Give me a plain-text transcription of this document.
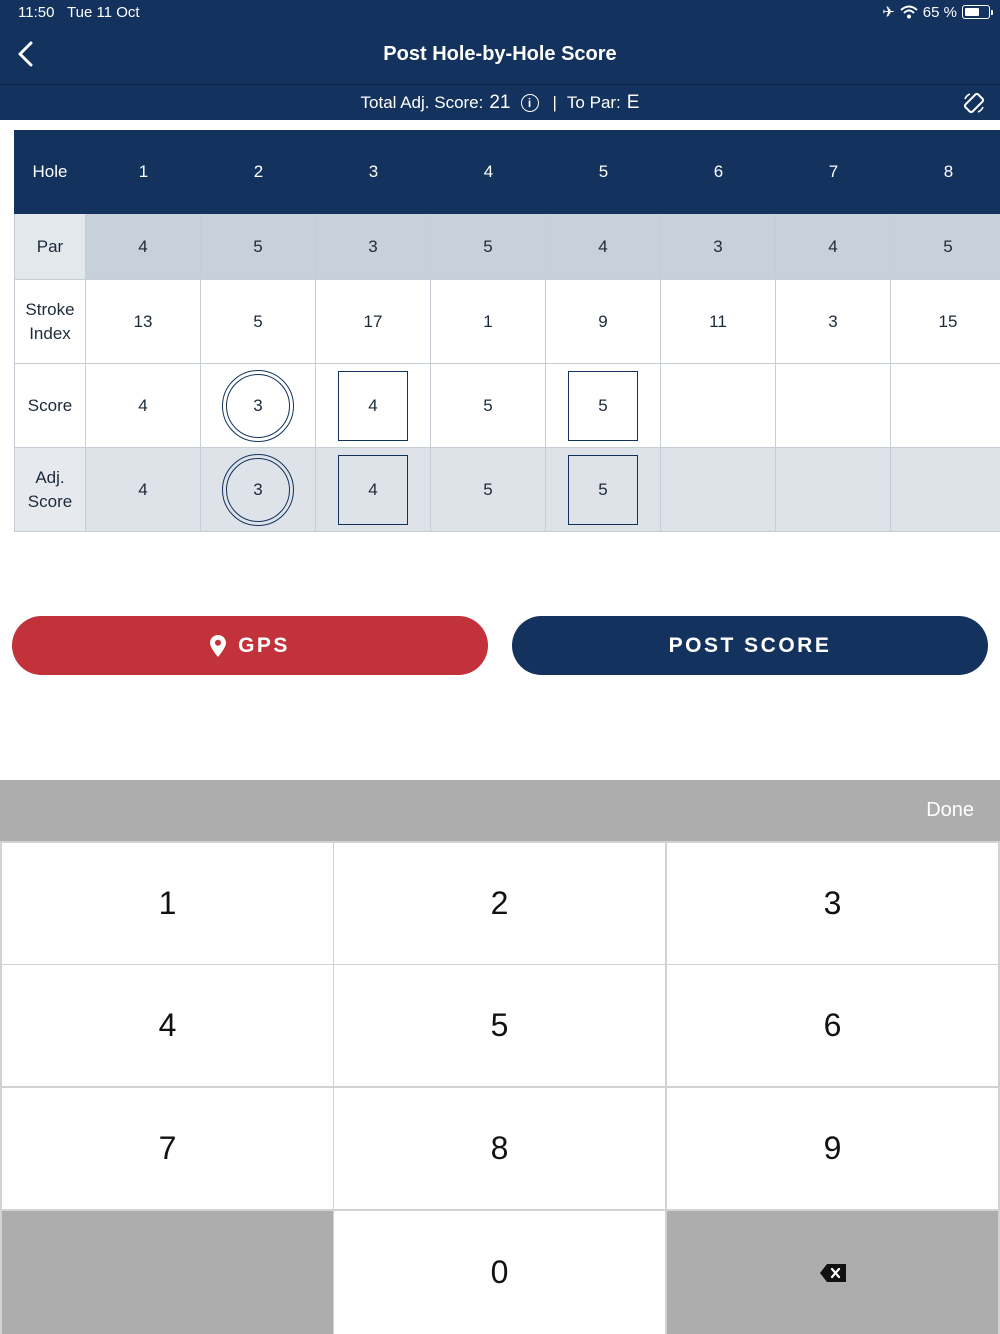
11:50 Tue 11 Oct	✈ 65 %
Post Hole-by-Hole Score
Total Adj. Score: 21	i	| To Par: E
Hole	1	2	3	4	5	6	7	8
Par	4	5	3	5	4	3	4	5
Stroke
Index
13	5	17	1	9	11	3	15
Score	4	3	4	5	5
Adj.
Score
4	3	4	5	5
GPS	POST SCORE
Done
1	2	3
4	5	6
7	8	9
0
